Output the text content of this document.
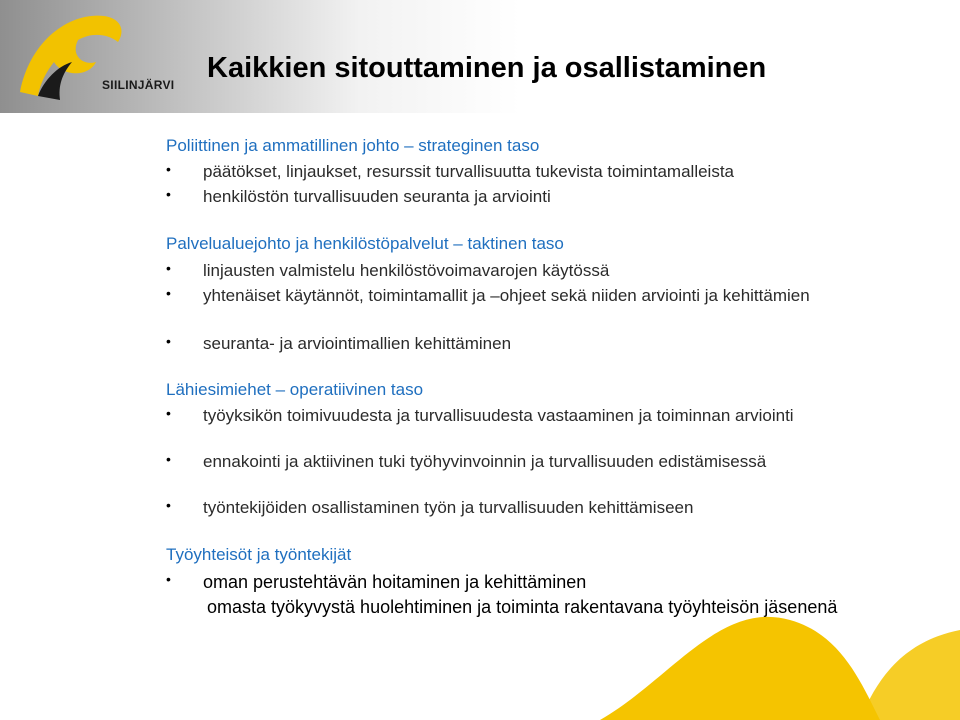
SIILINJÄRVI
Kaikkien sitouttaminen ja osallistaminen
Poliittinen ja ammatillinen johto – strateginen taso
• päätökset, linjaukset, resurssit turvallisuutta tukevista toimintamalleista
• henkilöstön turvallisuuden seuranta ja arviointi
Palvelualuejohto ja henkilöstöpalvelut – taktinen taso
• linjausten valmistelu henkilöstövoimavarojen käytössä
• yhtenäiset käytännöt, toimintamallit ja –ohjeet sekä niiden arviointi ja kehittämien
• seuranta- ja arviointimallien kehittäminen
Lähiesimiehet – operatiivinen taso
• työyksikön toimivuudesta ja turvallisuudesta vastaaminen ja toiminnan arviointi
• ennakointi ja aktiivinen tuki työhyvinvoinnin ja turvallisuuden edistämisessä
• työntekijöiden osallistaminen työn ja turvallisuuden kehittämiseen
Työyhteisöt ja työntekijät
• oman perustehtävän hoitaminen ja kehittäminen
omasta työkyvystä huolehtiminen ja toiminta rakentavana työyhteisön jäsenenä
